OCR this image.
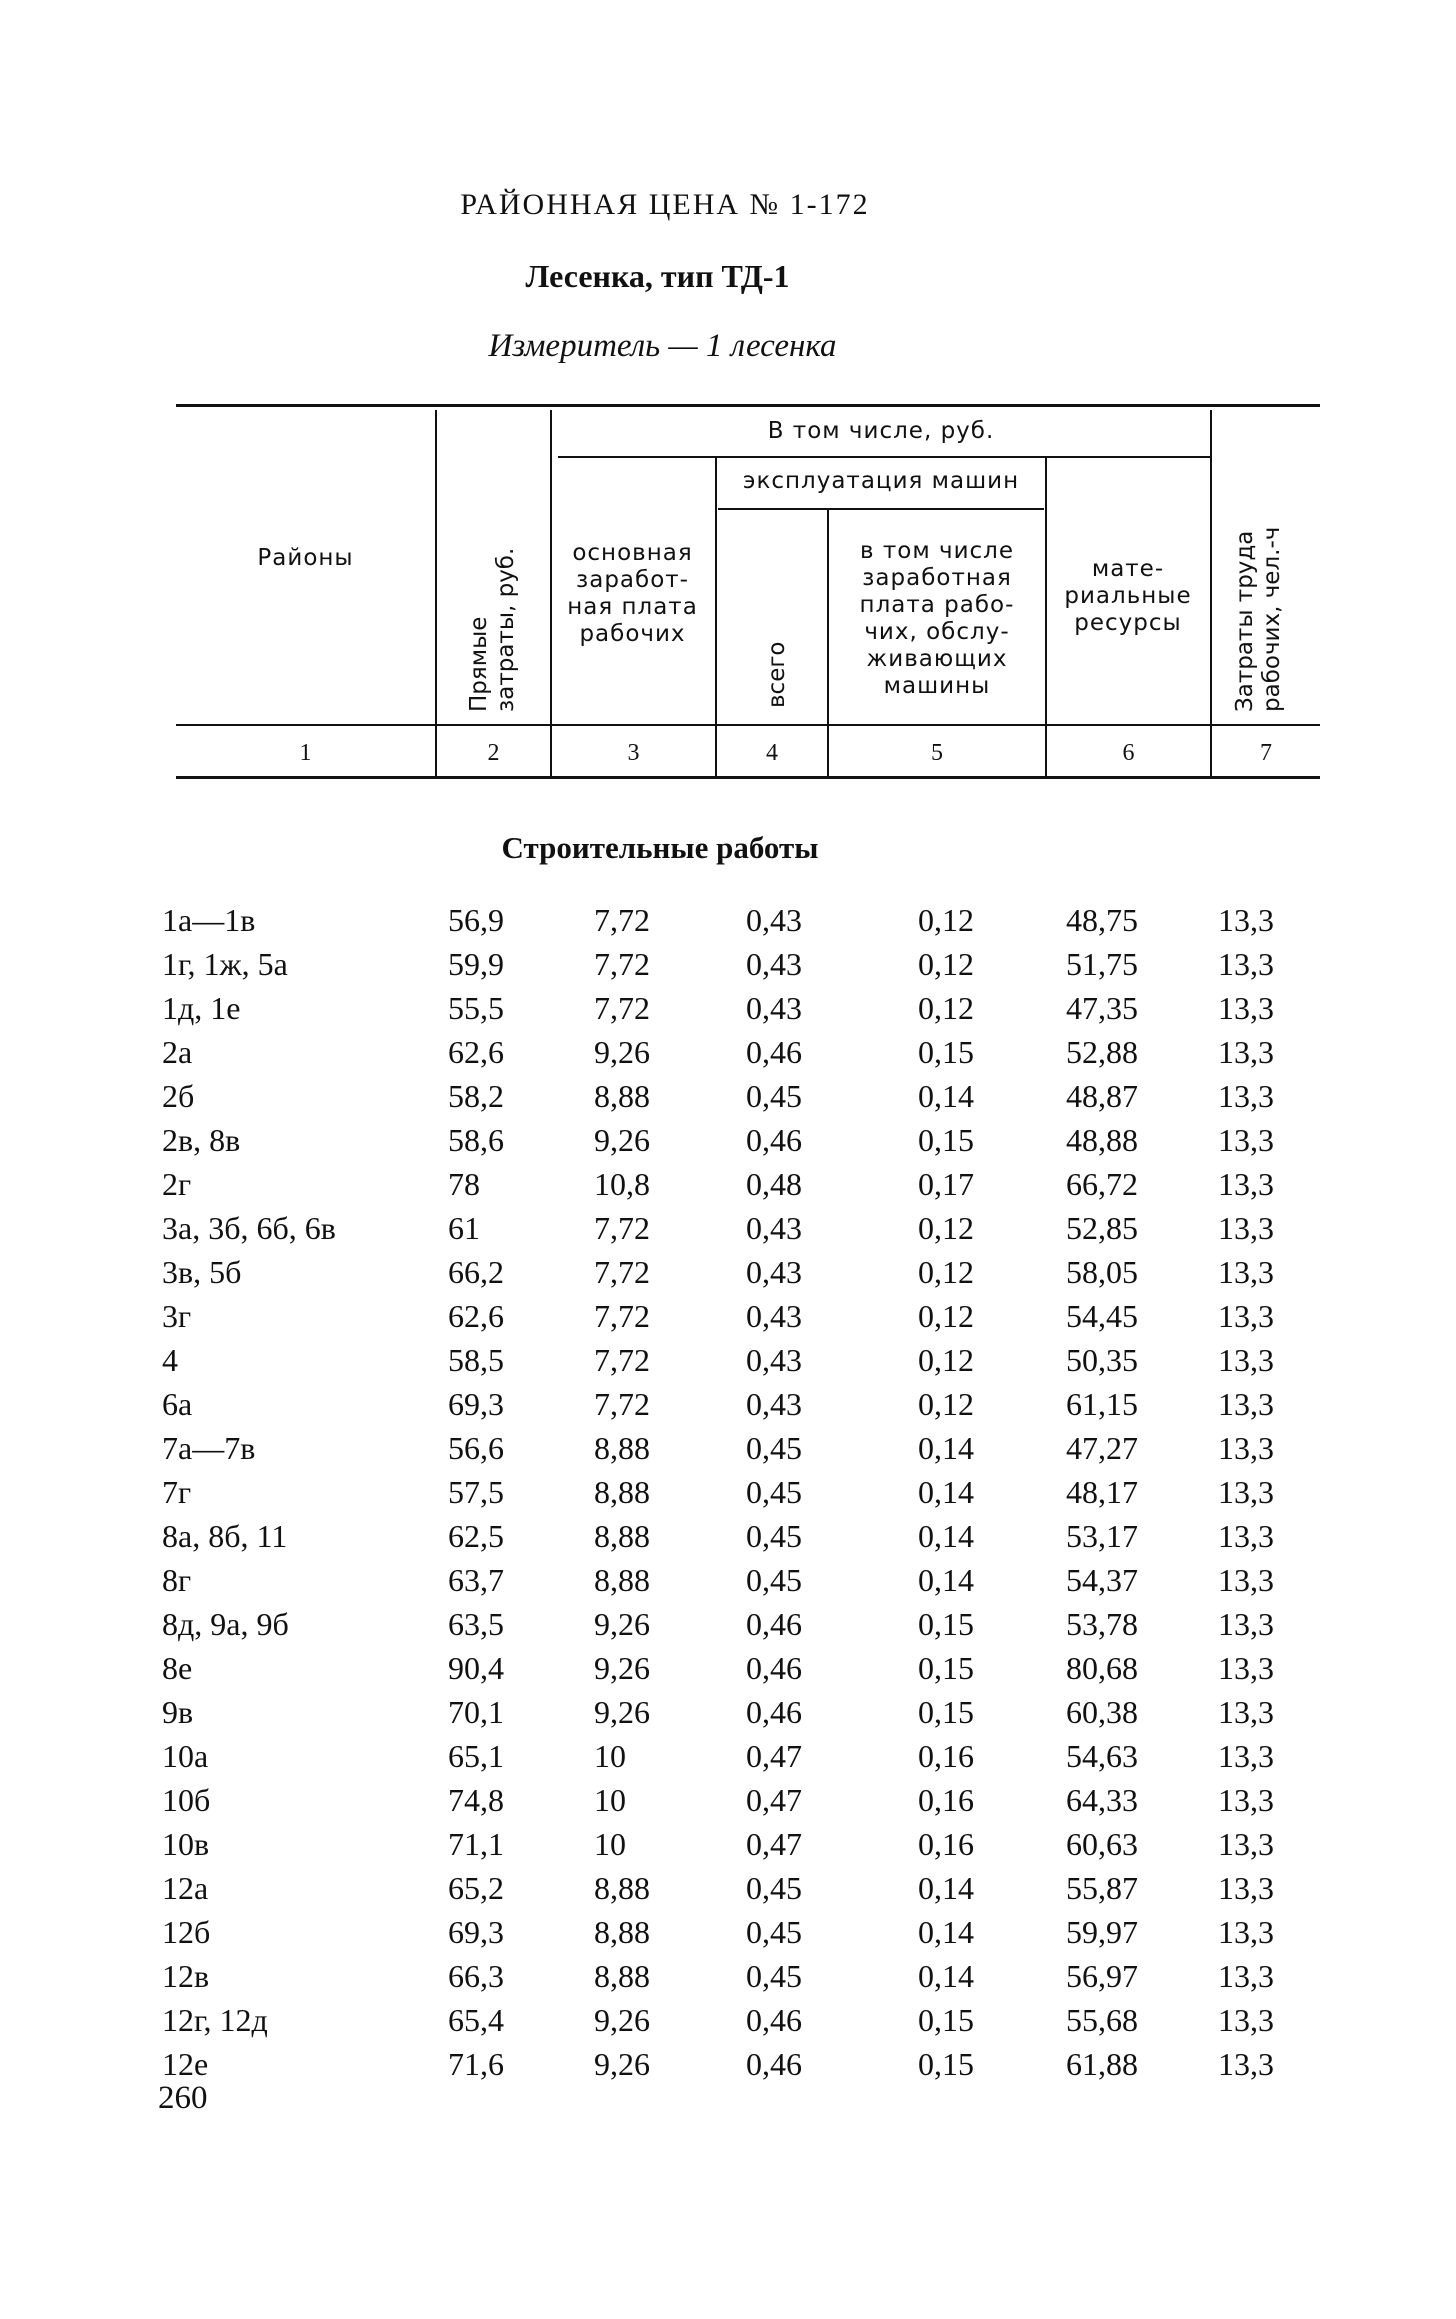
РАЙОННАЯ ЦЕНА № 1-172
Лесенка, тип ТД-1
Измеритель — 1 лесенка
Районы
Прямые затраты, руб.
В том числе, руб.
основная заработ-ная плата рабочих
эксплуатация машин
всего
в том числе заработная плата рабо-чих, обслу-живающих машины
мате-риальные ресурсы	Затраты труда рабочих, чел.-ч
1	2	3	4	5	6	7
Строительные работы
1а—1в	56,9	7,72	0,43	0,12	48,75	13,3
1г, 1ж, 5а	59,9	7,72	0,43	0,12	51,75	13,3
1д, 1е	55,5	7,72	0,43	0,12	47,35	13,3
2а	62,6	9,26	0,46	0,15	52,88	13,3
2б	58,2	8,88	0,45	0,14	48,87	13,3
2в, 8в	58,6	9,26	0,46	0,15	48,88	13,3
2г	78	10,8	0,48	0,17	66,72	13,3
3а, 3б, 6б, 6в	61	7,72	0,43	0,12	52,85	13,3
3в, 5б	66,2	7,72	0,43	0,12	58,05	13,3
3г	62,6	7,72	0,43	0,12	54,45	13,3
4	58,5	7,72	0,43	0,12	50,35	13,3
6а	69,3	7,72	0,43	0,12	61,15	13,3
7а—7в	56,6	8,88	0,45	0,14	47,27	13,3
7г	57,5	8,88	0,45	0,14	48,17	13,3
8а, 8б, 11	62,5	8,88	0,45	0,14	53,17	13,3
8г	63,7	8,88	0,45	0,14	54,37	13,3
8д, 9а, 9б	63,5	9,26	0,46	0,15	53,78	13,3
8е	90,4	9,26	0,46	0,15	80,68	13,3
9в	70,1	9,26	0,46	0,15	60,38	13,3
10а	65,1	10	0,47	0,16	54,63	13,3
10б	74,8	10	0,47	0,16	64,33	13,3
10в	71,1	10	0,47	0,16	60,63	13,3
12а	65,2	8,88	0,45	0,14	55,87	13,3
12б	69,3	8,88	0,45	0,14	59,97	13,3
12в	66,3	8,88	0,45	0,14	56,97	13,3
12г, 12д	65,4	9,26	0,46	0,15	55,68	13,3
12е	71,6	9,26	0,46	0,15	61,88	13,3
260
